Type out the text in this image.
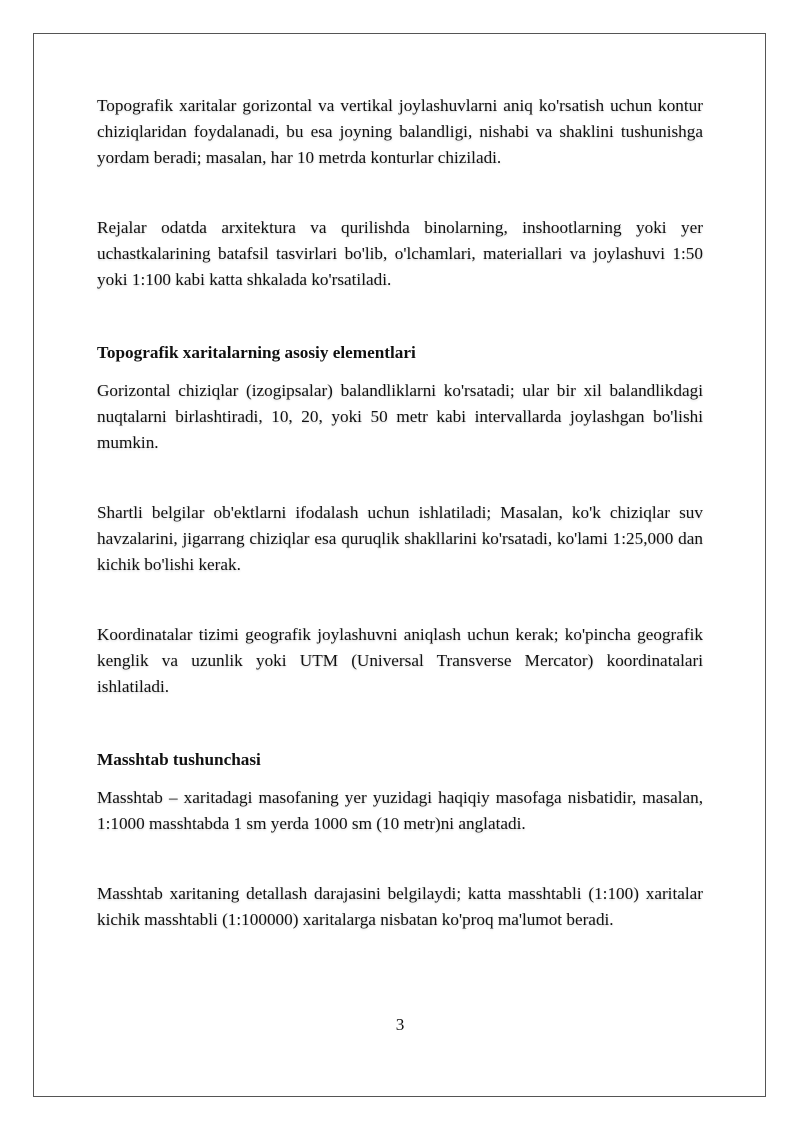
Topografik xaritalar gorizontal va vertikal joylashuvlarni aniq ko'rsatish uchun kontur chiziqlaridan foydalanadi, bu esa joyning balandligi, nishabi va shaklini tushunishga yordam beradi; masalan, har 10 metrda konturlar chiziladi.

Rejalar odatda arxitektura va qurilishda binolarning, inshootlarning yoki yer uchastkalarining batafsil tasvirlari bo'lib, o'lchamlari, materiallari va joylashuvi 1:50 yoki 1:100 kabi katta shkalada ko'rsatiladi.

Topografik xaritalarning asosiy elementlari

Gorizontal chiziqlar (izogipsalar) balandliklarni ko'rsatadi; ular bir xil balandlikdagi nuqtalarni birlashtiradi, 10, 20, yoki 50 metr kabi intervallarda joylashgan bo'lishi mumkin.

Shartli belgilar ob'ektlarni ifodalash uchun ishlatiladi; Masalan, ko'k chiziqlar suv havzalarini, jigarrang chiziqlar esa quruqlik shakllarini ko'rsatadi, ko'lami 1:25,000 dan kichik bo'lishi kerak.

Koordinatalar tizimi geografik joylashuvni aniqlash uchun kerak; ko'pincha geografik kenglik va uzunlik yoki UTM (Universal Transverse Mercator) koordinatalari ishlatiladi.

Masshtab tushunchasi

Masshtab – xaritadagi masofaning yer yuzidagi haqiqiy masofaga nisbatidir, masalan, 1:1000 masshtabda 1 sm yerda 1000 sm (10 metr)ni anglatadi.

Masshtab xaritaning detallash darajasini belgilaydi; katta masshtabli (1:100) xaritalar kichik masshtabli (1:100000) xaritalarga nisbatan ko'proq ma'lumot beradi.

3
